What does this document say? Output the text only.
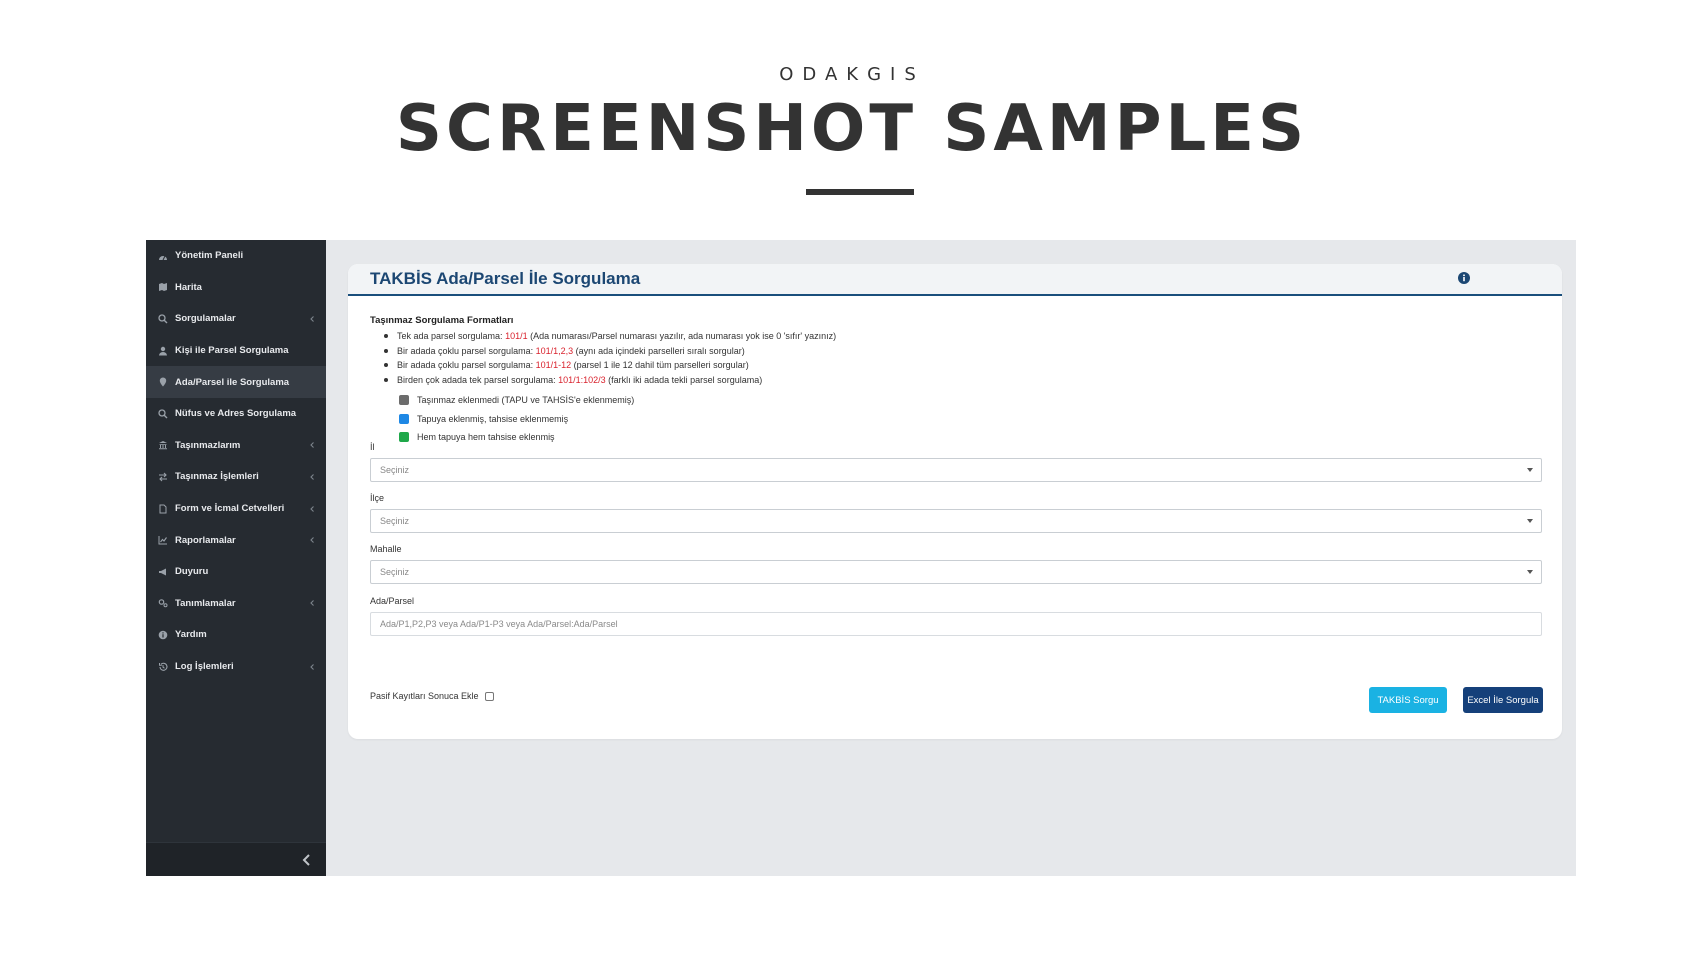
ODAKGIS
SCREENSHOT SAMPLES
Yönetim Paneli
Harita
Sorgulamalar
Kişi ile Parsel Sorgulama
Ada/Parsel ile Sorgulama
Nüfus ve Adres Sorgulama
Taşınmazlarım
Taşınmaz İşlemleri
Form ve İcmal Cetvelleri
Raporlamalar
Duyuru
Tanımlamalar
Yardım
Log İşlemleri
TAKBİS Ada/Parsel İle Sorgulama
Taşınmaz Sorgulama Formatları
Tek ada parsel sorgulama: 101/1 (Ada numarası/Parsel numarası yazılır, ada numarası yok ise 0 'sıfır' yazınız)
Bir adada çoklu parsel sorgulama: 101/1,2,3 (aynı ada içindeki parselleri sıralı sorgular)
Bir adada çoklu parsel sorgulama: 101/1-12 (parsel 1 ile 12 dahil tüm parselleri sorgular)
Birden çok adada tek parsel sorgulama: 101/1:102/3 (farklı iki adada tekli parsel sorgulama)
Taşınmaz eklenmedi (TAPU ve TAHSİS'e eklenmemiş)
Tapuya eklenmiş, tahsise eklenmemiş
Hem tapuya hem tahsise eklenmiş
İl
Seçiniz
İlçe
Seçiniz
Mahalle
Seçiniz
Ada/Parsel
Ada/P1,P2,P3 veya Ada/P1-P3 veya Ada/Parsel:Ada/Parsel
Pasif Kayıtları Sonuca Ekle	TAKBİS Sorgu	Excel İle Sorgula
